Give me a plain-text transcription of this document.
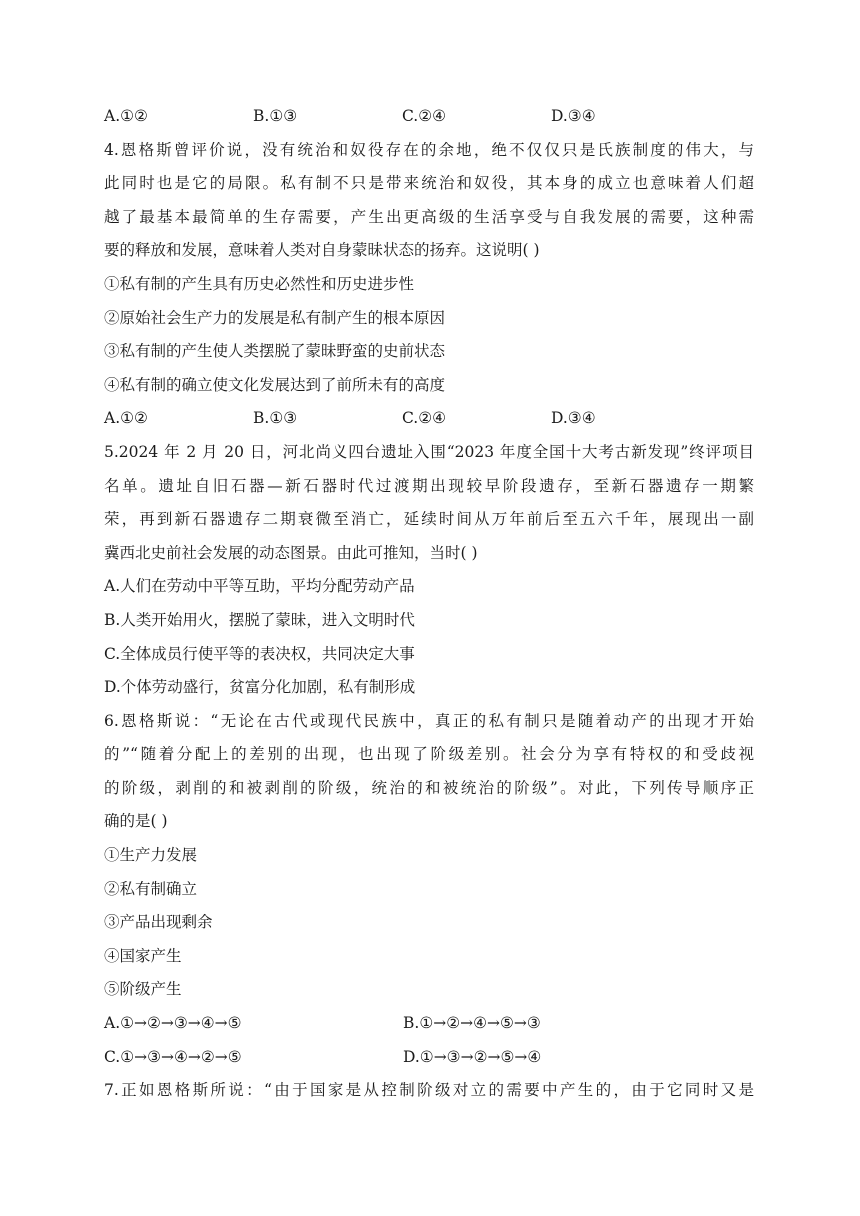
A.①②	B.①③	C.②④	D.③④
4.恩格斯曾评价说，没有统治和奴役存在的余地，绝不仅仅只是氏族制度的伟大，与
此同时也是它的局限。私有制不只是带来统治和奴役，其本身的成立也意味着人们超
越了最基本最简单的生存需要，产生出更高级的生活享受与自我发展的需要，这种需
要的释放和发展，意味着人类对自身蒙昧状态的扬弃。这说明( )
①私有制的产生具有历史必然性和历史进步性
②原始社会生产力的发展是私有制产生的根本原因
③私有制的产生使人类摆脱了蒙昧野蛮的史前状态
④私有制的确立使文化发展达到了前所未有的高度
A.①②	B.①③	C.②④	D.③④
5.2024 年 2 月 20 日，河北尚义四台遗址入围“2023 年度全国十大考古新发现”终评项目
名单。遗址自旧石器—新石器时代过渡期出现较早阶段遗存，至新石器遗存一期繁
荣，再到新石器遗存二期衰微至消亡，延续时间从万年前后至五六千年，展现出一副
冀西北史前社会发展的动态图景。由此可推知，当时( )
A.人们在劳动中平等互助，平均分配劳动产品
B.人类开始用火，摆脱了蒙昧，进入文明时代
C.全体成员行使平等的表决权，共同决定大事
D.个体劳动盛行，贫富分化加剧，私有制形成
6.恩格斯说：“无论在古代或现代民族中，真正的私有制只是随着动产的出现才开始
的”“随着分配上的差别的出现，也出现了阶级差别。社会分为享有特权的和受歧视
的阶级，剥削的和被剥削的阶级，统治的和被统治的阶级”。对此，下列传导顺序正
确的是( )
①生产力发展
②私有制确立
③产品出现剩余
④国家产生
⑤阶级产生
A.①→②→③→④→⑤	B.①→②→④→⑤→③
C.①→③→④→②→⑤	D.①→③→②→⑤→④
7.正如恩格斯所说：“由于国家是从控制阶级对立的需要中产生的，由于它同时又是
